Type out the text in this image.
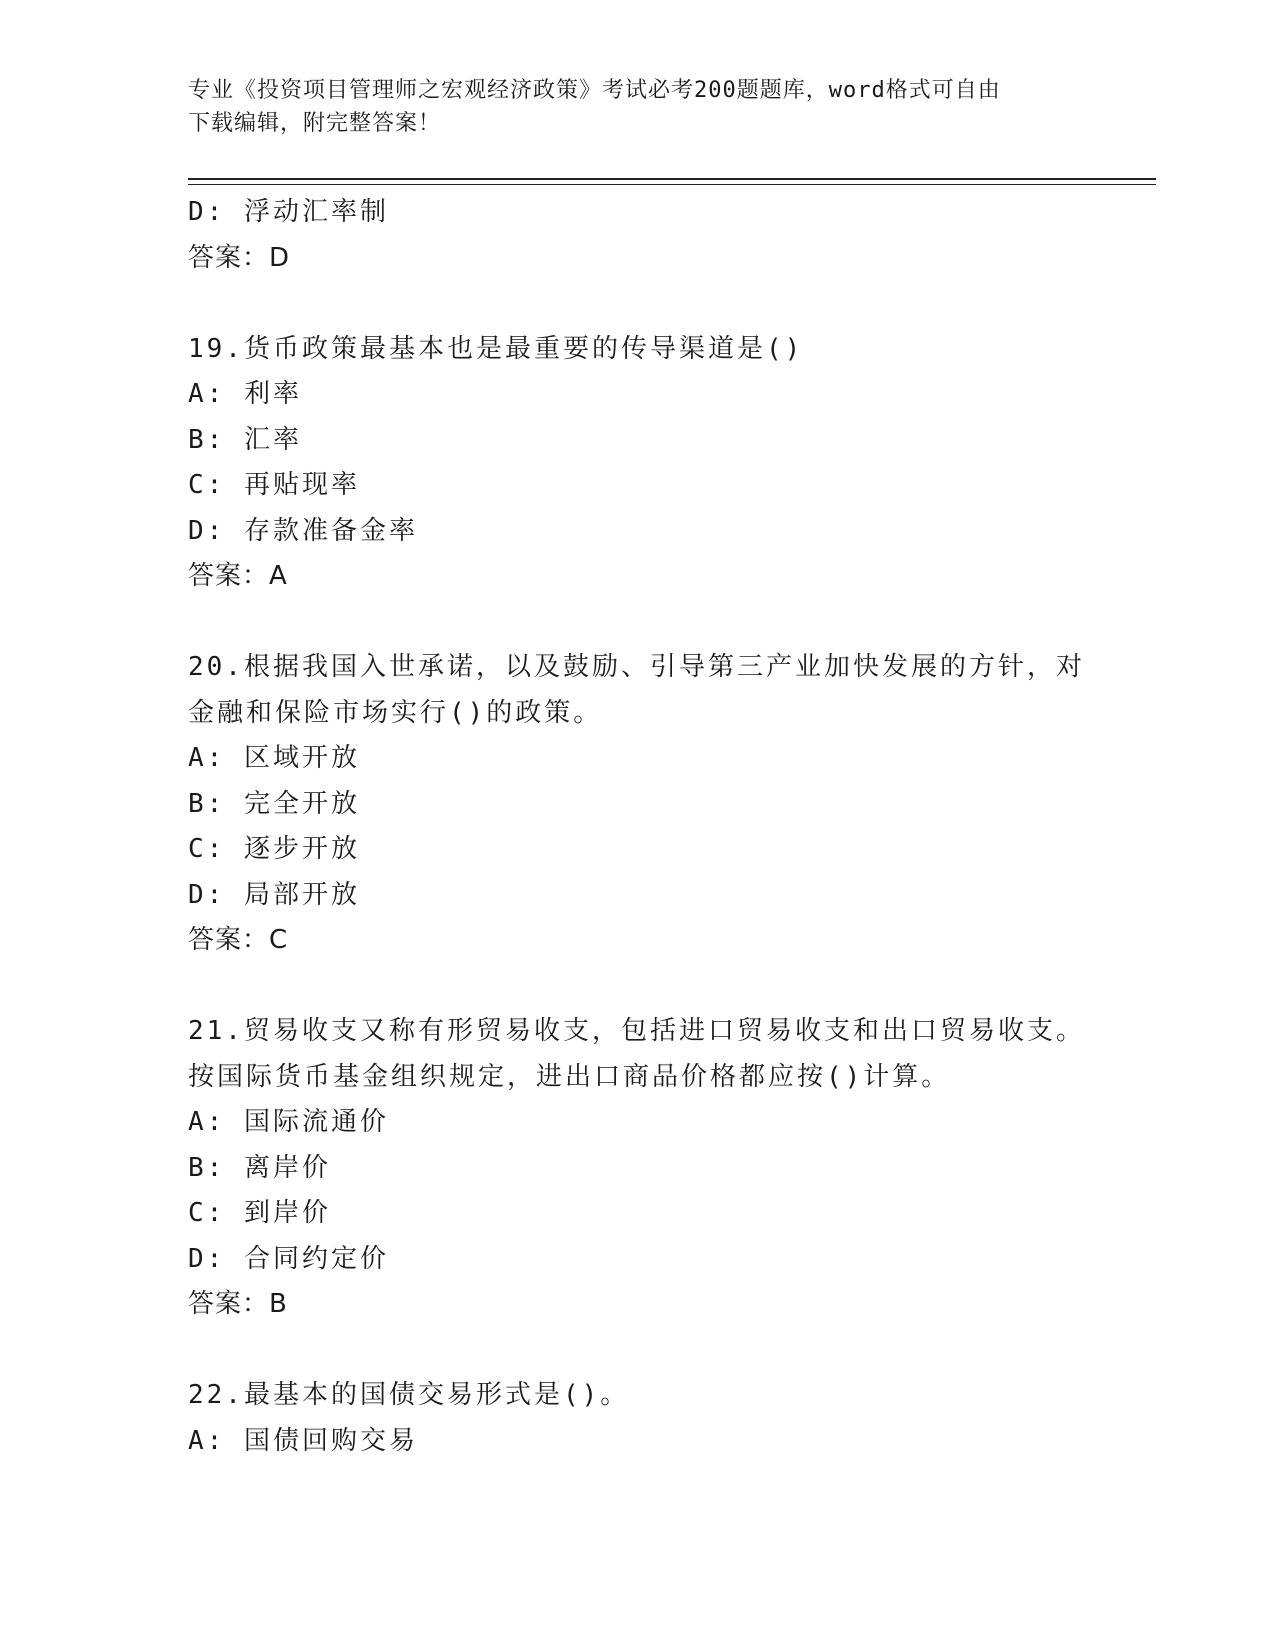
专业《投资项目管理师之宏观经济政策》考试必考200题题库，word格式可自由
下载编辑，附完整答案！
D: 浮动汇率制
答案：D
19.货币政策最基本也是最重要的传导渠道是()
A: 利率
B: 汇率
C: 再贴现率
D: 存款准备金率
答案：A
20.根据我国入世承诺，以及鼓励、引导第三产业加快发展的方针，对
金融和保险市场实行()的政策。
A: 区域开放
B: 完全开放
C: 逐步开放
D: 局部开放
答案：C
21.贸易收支又称有形贸易收支，包括进口贸易收支和出口贸易收支。
按国际货币基金组织规定，进出口商品价格都应按()计算。
A: 国际流通价
B: 离岸价
C: 到岸价
D: 合同约定价
答案：B
22.最基本的国债交易形式是()。
A: 国债回购交易
